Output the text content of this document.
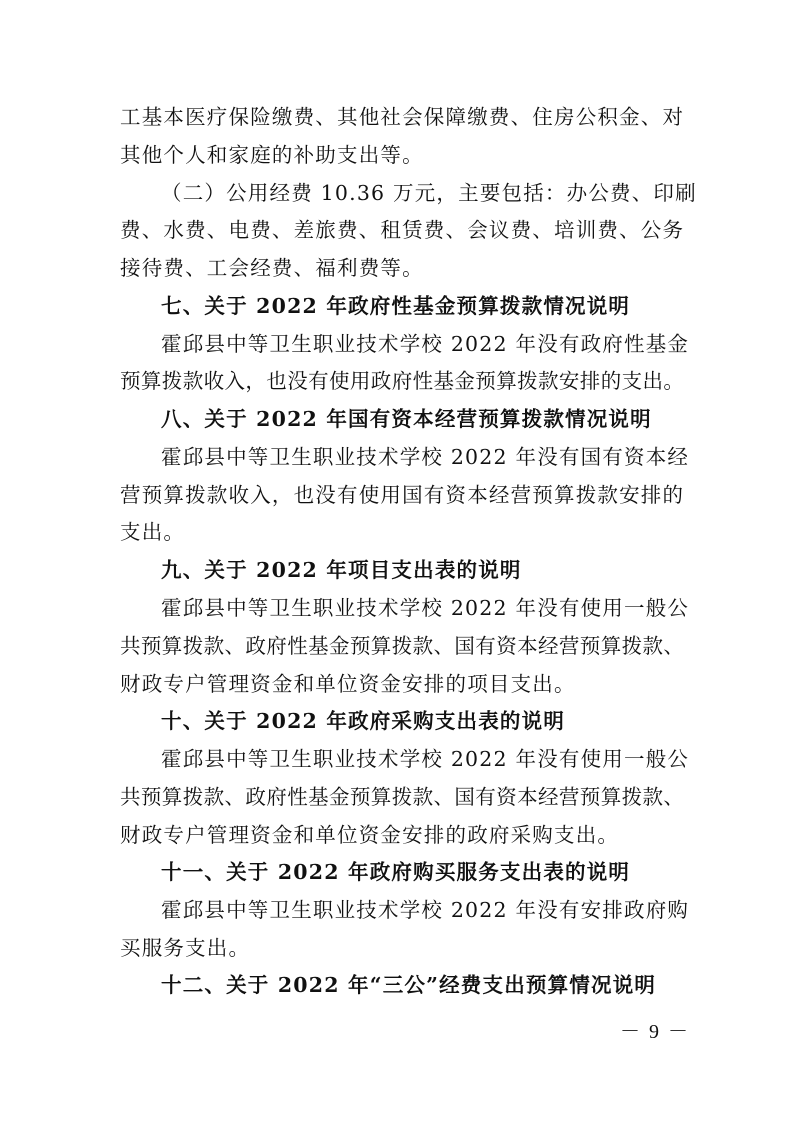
工基本医疗保险缴费、其他社会保障缴费、住房公积金、对
其他个人和家庭的补助支出等。
（二）公用经费 10.36 万元，主要包括：办公费、印刷
费、水费、电费、差旅费、租赁费、会议费、培训费、公务
接待费、工会经费、福利费等。
七、关于 2022 年政府性基金预算拨款情况说明
霍邱县中等卫生职业技术学校 2022 年没有政府性基金
预算拨款收入，也没有使用政府性基金预算拨款安排的支出。
八、关于 2022 年国有资本经营预算拨款情况说明
霍邱县中等卫生职业技术学校 2022 年没有国有资本经
营预算拨款收入，也没有使用国有资本经营预算拨款安排的
支出。
九、关于 2022 年项目支出表的说明
霍邱县中等卫生职业技术学校 2022 年没有使用一般公
共预算拨款、政府性基金预算拨款、国有资本经营预算拨款、
财政专户管理资金和单位资金安排的项目支出。
十、关于 2022 年政府采购支出表的说明
霍邱县中等卫生职业技术学校 2022 年没有使用一般公
共预算拨款、政府性基金预算拨款、国有资本经营预算拨款、
财政专户管理资金和单位资金安排的政府采购支出。
十一、关于 2022 年政府购买服务支出表的说明
霍邱县中等卫生职业技术学校 2022 年没有安排政府购
买服务支出。
十二、关于 2022 年“三公”经费支出预算情况说明
－ 9 －
